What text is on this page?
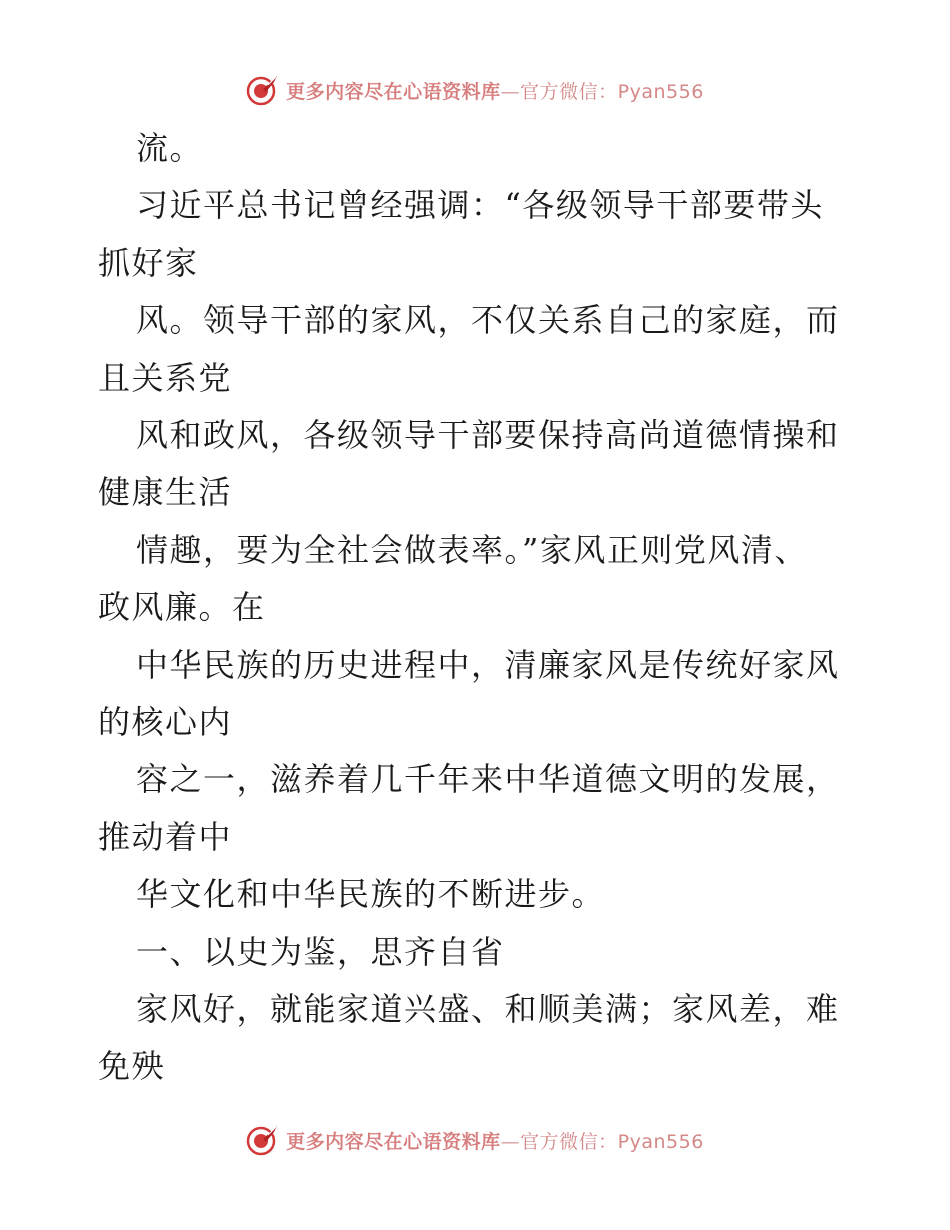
更多内容尽在心语资料库—官方微信：Pyan556
流。
习近平总书记曾经强调：“各级领导干部要带头
抓好家
风。领导干部的家风，不仅关系自己的家庭，而
且关系党
风和政风，各级领导干部要保持高尚道德情操和
健康生活
情趣，要为全社会做表率。”家风正则党风清、
政风廉。在
中华民族的历史进程中，清廉家风是传统好家风
的核心内
容之一，滋养着几千年来中华道德文明的发展，
推动着中
华文化和中华民族的不断进步。
一、以史为鉴，思齐自省
家风好，就能家道兴盛、和顺美满；家风差，难
免殃
更多内容尽在心语资料库—官方微信：Pyan556
